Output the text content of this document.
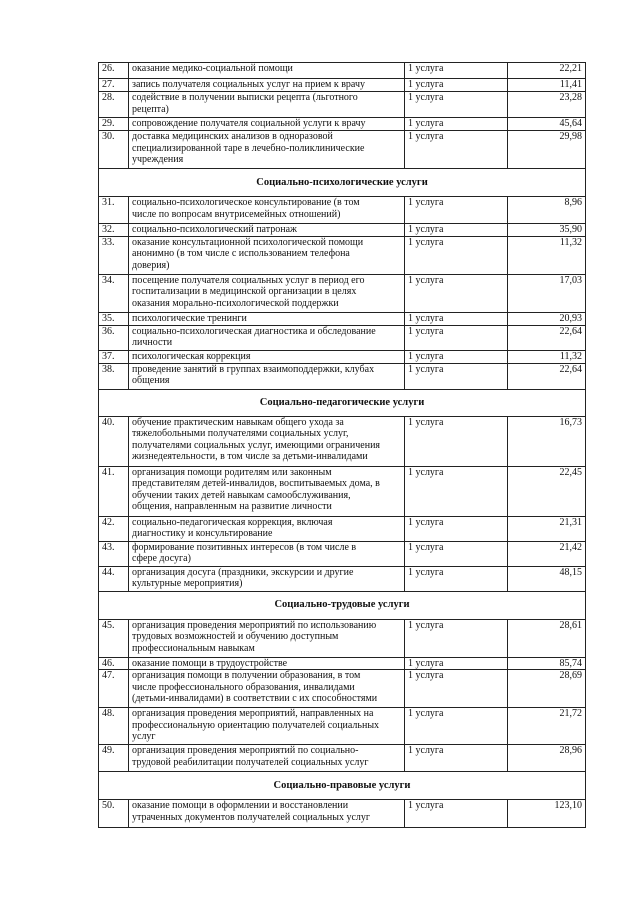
26.	оказание медико-социальной помощи	1 услуга	22,21
27.	запись получателя социальных услуг на прием к врачу	1 услуга	11,41
28.	содействие в получении выписки рецепта (льготного
рецепта)	1 услуга	23,28
29.	сопровождение получателя социальной услуги к врачу	1 услуга	45,64
30.	доставка медицинских анализов в одноразовой
специализированной таре в лечебно-поликлинические
учреждения	1 услуга	29,98
Социально-психологические услуги			
31.	социально-психологическое консультирование (в том
числе по вопросам внутрисемейных отношений)	1 услуга	8,96
32.	социально-психологический патронаж	1 услуга	35,90
33.	оказание консультационной психологической помощи
анонимно (в том числе с использованием телефона
доверия)	1 услуга	11,32
34.	посещение получателя социальных услуг в период его
госпитализации в медицинской организации в целях
оказания морально-психологической поддержки	1 услуга	17,03
35.	психологические тренинги	1 услуга	20,93
36.	социально-психологическая диагностика и обследование
личности	1 услуга	22,64
37.	психологическая коррекция	1 услуга	11,32
38.	проведение занятий в группах взаимоподдержки, клубах
общения	1 услуга	22,64
Социально-педагогические услуги			
40.	обучение практическим навыкам общего ухода за
тяжелобольными получателями социальных услуг,
получателями социальных услуг, имеющими ограничения
жизнедеятельности, в том числе за детьми-инвалидами	1 услуга	16,73
41.	организация помощи родителям или законным
представителям детей-инвалидов, воспитываемых дома, в
обучении таких детей навыкам самообслуживания,
общения, направленным на развитие личности	1 услуга	22,45
42.	социально-педагогическая коррекция, включая
диагностику и консультирование	1 услуга	21,31
43.	формирование позитивных интересов (в том числе в
сфере досуга)	1 услуга	21,42
44.	организация досуга (праздники, экскурсии и другие
культурные мероприятия)	1 услуга	48,15
Социально-трудовые услуги			
45.	организация проведения мероприятий по использованию
трудовых возможностей и обучению доступным
профессиональным навыкам	1 услуга	28,61
46.	оказание помощи в трудоустройстве	1 услуга	85,74
47.	организация помощи в получении образования, в том
числе профессионального образования, инвалидами
(детьми-инвалидами) в соответствии с их способностями	1 услуга	28,69
48.	организация проведения мероприятий, направленных на
профессиональную ориентацию получателей социальных
услуг	1 услуга	21,72
49.	организация проведения мероприятий по социально-
трудовой реабилитации получателей социальных услуг	1 услуга	28,96
Социально-правовые услуги			
50.	оказание помощи в оформлении и восстановлении
утраченных документов получателей социальных услуг	1 услуга	123,10
